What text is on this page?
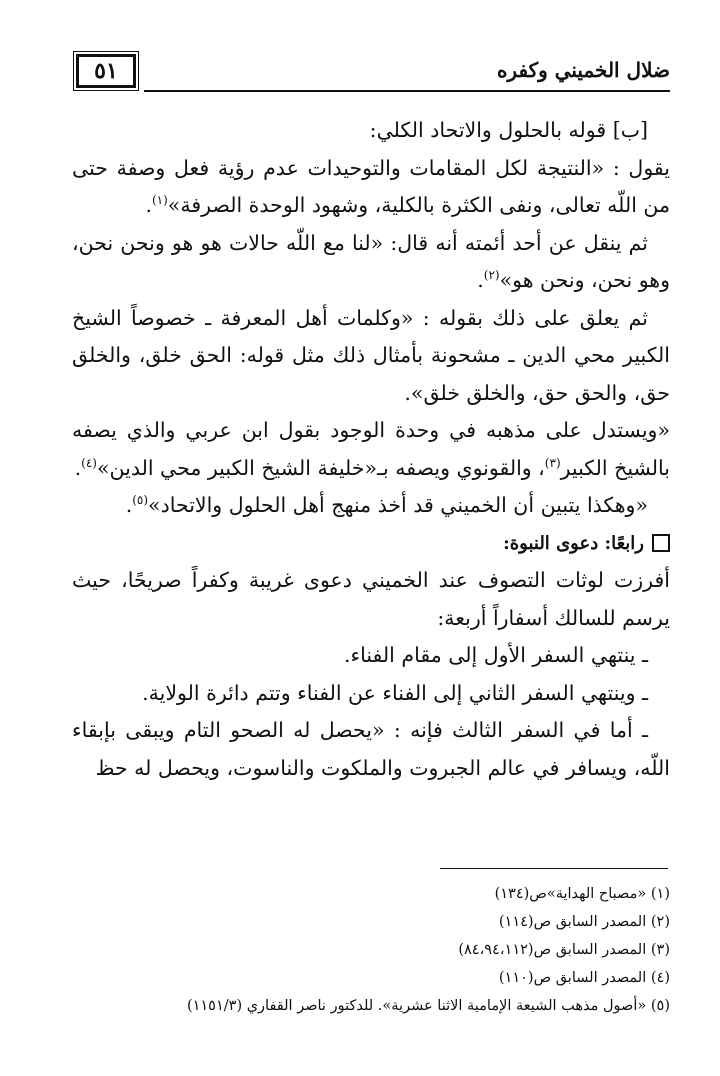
٥١	ضلال الخميني وكفره

[ب] قوله بالحلول والاتحاد الكلي:

يقول : «النتيجة لكل المقامات والتوحيدات عدم رؤية فعل وصفة حتى من اللّه تعالى، ونفى الكثرة بالكلية، وشهود الوحدة الصرفة»$^{(١)}$.

ثم ينقل عن أحد أئمته أنه قال: «لنا مع اللّه حالات هو هو ونحن نحن، وهو نحن، ونحن هو»$^{(٢)}$.

ثم يعلق على ذلك بقوله : «وكلمات أهل المعرفة ـ خصوصاً الشيخ الكبير محي الدين ـ مشحونة بأمثال ذلك مثل قوله: الحق خلق، والخلق حق، والحق حق، والخلق خلق».

«ويستدل على مذهبه في وحدة الوجود بقول ابن عربي والذي يصفه بالشيخ الكبير$^{(٣)}$، والقونوي ويصفه بـ«خليفة الشيخ الكبير محي الدين»$^{(٤)}$.

«وهكذا يتبين أن الخميني قد أخذ منهج أهل الحلول والاتحاد»$^{(٥)}$.

رابعًا: دعوى النبوة:

أفرزت لوثات التصوف عند الخميني دعوى غريبة وكفراً صريحًا، حيث يرسم للسالك أسفاراً أربعة:

ـ ينتهي السفر الأول إلى مقام الفناء.

ـ وينتهي السفر الثاني إلى الفناء عن الفناء وتتم دائرة الولاية.

ـ أما في السفر الثالث فإنه : «يحصل له الصحو التام ويبقى بإبقاء اللّه، ويسافر في عالم الجبروت والملكوت والناسوت، ويحصل له حظ

(١) «مصباح الهداية»ص(١٣٤)
(٢) المصدر السابق ص(١١٤)
(٣) المصدر السابق ص(٨٤،٩٤،١١٢)
(٤) المصدر السابق ص(١١٠)
(٥) «أصول مذهب الشيعة الإمامية الاثنا عشرية». للدكتور ناصر القفاري (١١٥١/٣)
